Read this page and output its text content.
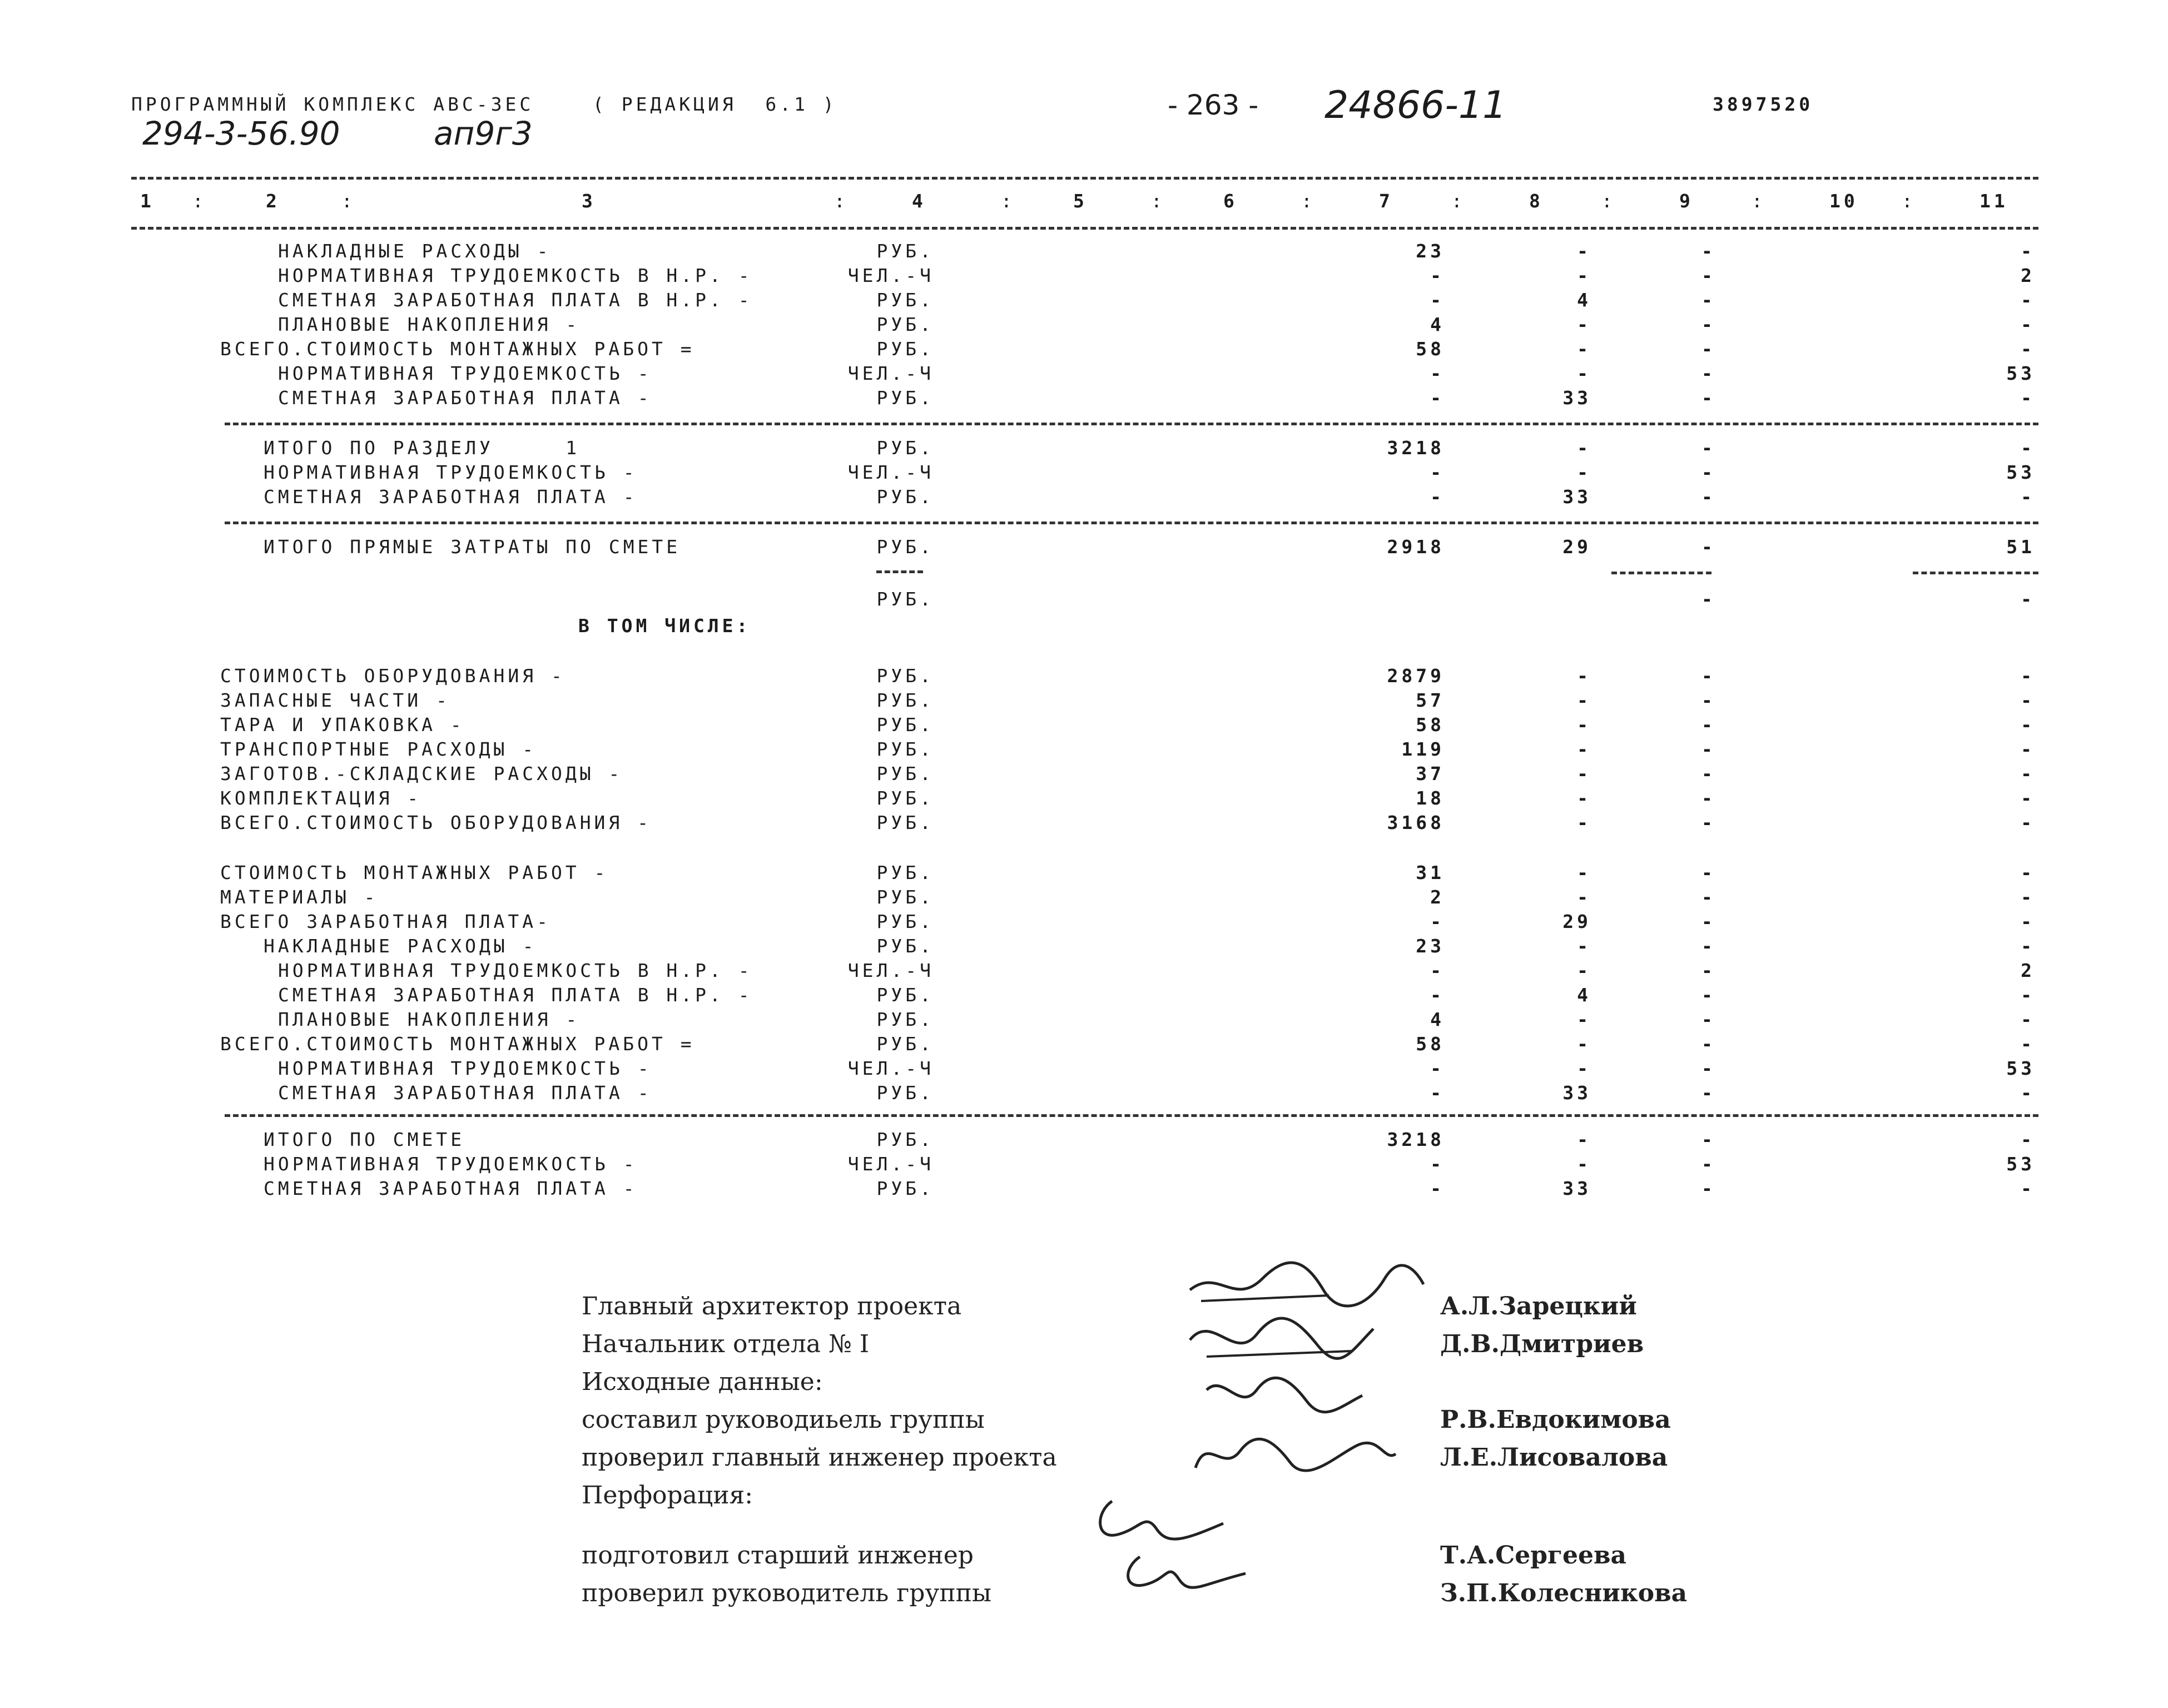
ПРОГРАММНЫЙ КОМПЛЕКС АВС-ЗЕС	( РЕДАКЦИЯ  6.1 )	- 263 - 24866-11	3897520
294-3-56.90	ап9г3
1	2	3	4	5	6	7	8	9	10	11
:	:	:	:	:	:	:	:	:	:
НАКЛАДНЫЕ РАСХОДЫ -	РУБ.	23	-	-	-
НОРМАТИВНАЯ ТРУДОЕМКОСТЬ В Н.Р. -	ЧЕЛ.-Ч	-	-	-	2
СМЕТНАЯ ЗАРАБОТНАЯ ПЛАТА В Н.Р. -	РУБ.	-	4	-	-
ПЛАНОВЫЕ НАКОПЛЕНИЯ -	РУБ.	4	-	-	-
ВСЕГО.СТОИМОСТЬ МОНТАЖНЫХ РАБОТ =	РУБ.	58	-	-	-
НОРМАТИВНАЯ ТРУДОЕМКОСТЬ -	ЧЕЛ.-Ч	-	-	-	53
СМЕТНАЯ ЗАРАБОТНАЯ ПЛАТА -	РУБ.	-	33	-	-
ИТОГО ПО РАЗДЕЛУ     1	РУБ.	3218	-	-	-
НОРМАТИВНАЯ ТРУДОЕМКОСТЬ -	ЧЕЛ.-Ч	-	-	-	53
СМЕТНАЯ ЗАРАБОТНАЯ ПЛАТА -	РУБ.	-	33	-	-
ИТОГО ПРЯМЫЕ ЗАТРАТЫ ПО СМЕТЕ	РУБ.	2918	29	-	51
РУБ.	-	-
В ТОМ ЧИСЛЕ:
СТОИМОСТЬ ОБОРУДОВАНИЯ -	РУБ.	2879	-	-	-
ЗАПАСНЫЕ ЧАСТИ -	РУБ.	57	-	-	-
ТАРА И УПАКОВКА -	РУБ.	58	-	-	-
ТРАНСПОРТНЫЕ РАСХОДЫ -	РУБ.	119	-	-	-
ЗАГОТОВ.-СКЛАДСКИЕ РАСХОДЫ -	РУБ.	37	-	-	-
КОМПЛЕКТАЦИЯ -	РУБ.	18	-	-	-
ВСЕГО.СТОИМОСТЬ ОБОРУДОВАНИЯ -	РУБ.	3168	-	-	-
СТОИМОСТЬ МОНТАЖНЫХ РАБОТ -	РУБ.	31	-	-	-
МАТЕРИАЛЫ -	РУБ.	2	-	-	-
ВСЕГО ЗАРАБОТНАЯ ПЛАТА-	РУБ.	-	29	-	-
НАКЛАДНЫЕ РАСХОДЫ -	РУБ.	23	-	-	-
НОРМАТИВНАЯ ТРУДОЕМКОСТЬ В Н.Р. -	ЧЕЛ.-Ч	-	-	-	2
СМЕТНАЯ ЗАРАБОТНАЯ ПЛАТА В Н.Р. -	РУБ.	-	4	-	-
ПЛАНОВЫЕ НАКОПЛЕНИЯ -	РУБ.	4	-	-	-
ВСЕГО.СТОИМОСТЬ МОНТАЖНЫХ РАБОТ =	РУБ.	58	-	-	-
НОРМАТИВНАЯ ТРУДОЕМКОСТЬ -	ЧЕЛ.-Ч	-	-	-	53
СМЕТНАЯ ЗАРАБОТНАЯ ПЛАТА -	РУБ.	-	33	-	-
ИТОГО ПО СМЕТЕ	РУБ.	3218	-	-	-
НОРМАТИВНАЯ ТРУДОЕМКОСТЬ -	ЧЕЛ.-Ч	-	-	-	53
СМЕТНАЯ ЗАРАБОТНАЯ ПЛАТА -	РУБ.	-	33	-	-
Главный архитектор проекта	А.Л.Зарецкий
Начальник отдела № I	Д.В.Дмитриев
Исходные данные:
составил руководиьель группы	Р.В.Евдокимова
проверил главный инженер проекта	Л.Е.Лисовалова
Перфорация:
подготовил старший инженер	Т.А.Сергеева
проверил руководитель группы	З.П.Колесникова
